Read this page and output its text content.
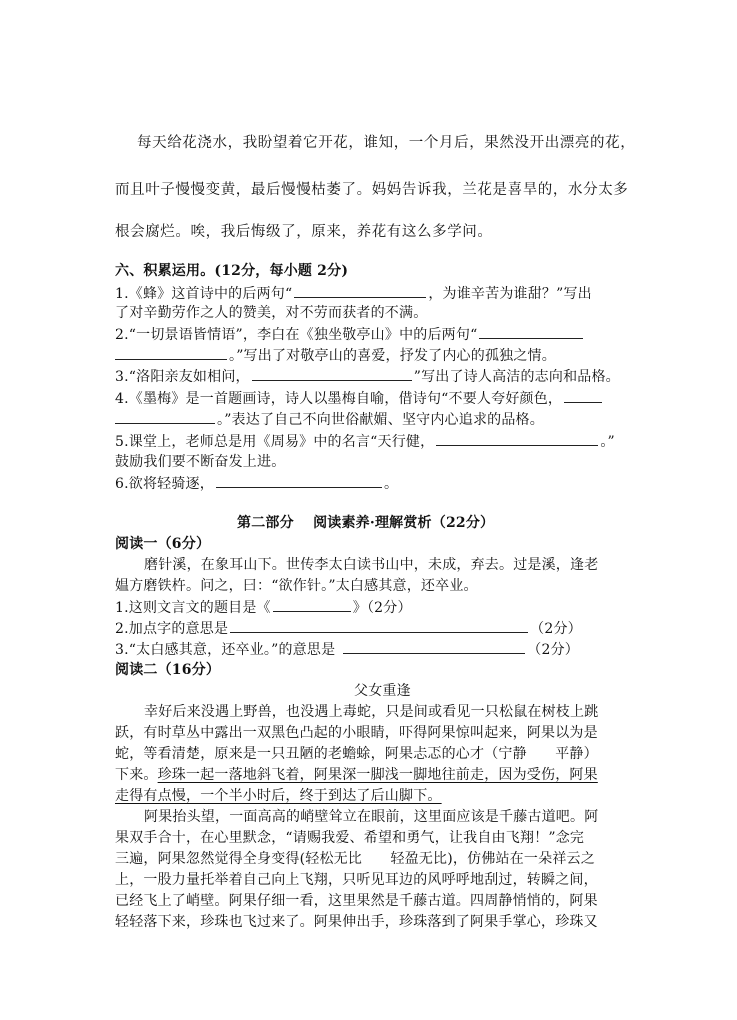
每天给花浇水，我盼望着它开花，谁知，一个月后，果然没开出漂亮的花，
而且叶子慢慢变黄，最后慢慢枯萎了。妈妈告诉我，兰花是喜旱的，水分太多
根会腐烂。唉，我后悔级了，原来，养花有这么多学问。
六、积累运用。(12分，每小题 2分)
1.《蜂》这首诗中的后两句“	，为谁辛苦为谁甜？”写出
了对辛勤劳作之人的赞美，对不劳而获者的不满。
2.“一切景语皆情语”，李白在《独坐敬亭山》中的后两句“
。”写出了对敬亭山的喜爱，抒发了内心的孤独之情。
3.“洛阳亲友如相问，	”写出了诗人高洁的志向和品格。
4.《墨梅》是一首题画诗，诗人以墨梅自喻，借诗句“不要人夸好颜色，
。”表达了自己不向世俗献媚、坚守内心追求的品格。
5.课堂上，老师总是用《周易》中的名言“天行健，	。”
鼓励我们要不断奋发上进。
6.欲将轻骑逐，	。
第二部分　 阅读素养·理解赏析（22分）
阅读一（6分）
磨针溪，在象耳山下。世传李太白读书山中，未成，弃去。过是溪，逢老
媪方磨铁杵。问之，曰：“欲作针。”太白感其意，还卒业。
1.这则文言文的题目是《	》（2分）
2.加点字的意思是	（2分）
3.“太白感其意，还卒业。”的意思是	（2分）
阅读二（16分）
父女重逢
幸好后来没遇上野兽，也没遇上毒蛇，只是间或看见一只松鼠在树枝上跳
跃，有时草丛中露出一双黑色凸起的小眼睛，吓得阿果惊叫起来，阿果以为是
蛇，等看清楚，原来是一只丑陋的老蟾蜍，阿果忐忑的心才（宁静　　平静）
下来。珍珠一起一落地斜飞着，阿果深一脚浅一脚地往前走，因为受伤，阿果
走得有点慢，一个半小时后，终于到达了后山脚下。
阿果抬头望，一面高高的峭壁耸立在眼前，这里面应该是千藤古道吧。阿
果双手合十，在心里默念，“请赐我爱、希望和勇气，让我自由飞翔！”念完
三遍，阿果忽然觉得全身变得(轻松无比　　轻盈无比)，仿佛站在一朵祥云之
上，一股力量托举着自己向上飞翔，只听见耳边的风呼呼地刮过，转瞬之间，
已经飞上了峭壁。阿果仔细一看，这里果然是千藤古道。四周静悄悄的，阿果
轻轻落下来，珍珠也飞过来了。阿果伸出手，珍珠落到了阿果手掌心，珍珠又
